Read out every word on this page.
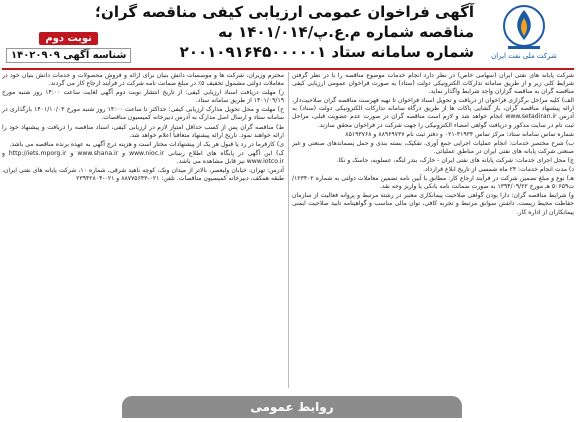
آگهی فراخوان عمومی ارزیابی کیفی مناقصه گران؛
مناقصه شماره م.ع.پ/۱۴۰۱/۰۱۴ به
شماره سامانه ستاد ۲۰۰۱۰۹۱۶۴۵۰۰۰۰۰۱	شرکت ملی نفت ایران
نوبت دوم
شناسه آگهی ۱۴۰۲۰۹۰۹

شرکت پایانه های نفتی ایران (سهامی خاص) در نظر دارد انجام خدمات موضوع مناقصه را با در نظر گرفتن شرایط کلی زیر و از طریق سامانه تدارکات الکترونیکی دولت (ستاد) به صورت فراخوان عمومی ارزیابی کیفی مناقصه گران به مناقصه گزاران واجد شرایط واگذار نماید.

الف) کلیه مراحل برگزاری فراخوان از دریافت و تحویل اسناد فراخوان تا تهیه فهرست مناقصه گران صلاحیت‌دار، ارائه پیشنهاد مناقصه گران، باز گشایی پاکات ها از طریق درگاه سامانه تدارکات الکترونیکی دولت (ستاد) به آدرس www.setadiran.ir انجام خواهد شد و لازم است مناقصه گران در صورت عدم عضویت قبلی، مراحل ثبت نام در سایت مذکور و دریافت گواهی امضاء الکترونیکی را جهت شرکت در فراخوان محقق سازند.

شماره تماس سامانه ستاد: مرکز تماس ۴۱۹۳۴-۰۲۱ و دفتر ثبت نام ۸۸۹۶۹۷۳۷ و ۸۵۱۹۳۷۶۸

ب) شرح مختصر خدمات: انجام عملیات اجرایی جمع آوری، تفکیک، بسته بندی و حمل پسماندهای صنعتی و غیر صنعتی شرکت پایانه های نفتی ایران در مناطق عملیاتی.

ج) محل اجرای خدمات: شرکت پایانه های نفتی ایران - خارک، بندر لنگه، عسلویه، جاسک و نکا.

د) مدت انجام خدمات: ۲۴ ماه شمسی از تاریخ ابلاغ قرارداد.

هـ) نوع و مبلغ تضمین شرکت در فرآیند ارجاع کار: مطابق با آیین نامه تضمین معاملات دولتی به شماره ۱۲۳۴۰۲/ت۵۰۶۵۹ هـ مورخ ۱۳۹۴/۰۹/۲۲ به صورت ضمانت نامه بانکی یا واریز وجه نقد.

و) شرایط مناقصه گران: دارا بودن گواهی صلاحیت پیمانکاری معتبر در رشته مرتبط و پروانه فعالیت از سازمان حفاظت محیط زیست، داشتن سوابق مرتبط و تجربه کافی، توان مالی مناسب و گواهینامه تایید صلاحیت ایمنی پیمانکاران از اداره کار.

محترم وزیران، شرکت ها و موسسات دانش بنیان برای ارائه و فروش محصولات و خدمات دانش بنیان خود در معاملات دولتی مشمول تخفیف ۵٪ در مبلغ ضمانت نامه شرکت در فرآیند ارجاع کار می گردند.

ز) مهلت دریافت اسناد ارزیابی کیفی: از تاریخ انتشار نوبت دوم آگهی لغایت ساعت ۱۴:۰۰ روز شنبه مورخ ۱۴۰۱/۰۹/۱۹ از طریق سامانه ستاد.

ح) مهلت و محل تحویل مدارک ارزیابی کیفی: حداکثر تا ساعت ۱۴:۰۰ روز شنبه مورخ ۱۴۰۱/۱۰/۰۳ بارگذاری در سامانه ستاد و ارسال اصل مدارک به آدرس دبیرخانه کمیسیون مناقصات.

ط) مناقصه گران پس از کسب حداقل امتیاز لازم در ارزیابی کیفی، اسناد مناقصه را دریافت و پیشنهاد خود را ارائه خواهند نمود. تاریخ ارائه پیشنهاد متعاقباً اعلام خواهد شد.

ی) کارفرما در رد یا قبول هر یک از پیشنهادات مختار است و هزینه درج آگهی به عهده برنده مناقصه می باشد.

ک) این آگهی در پایگاه های اطلاع رسانی www.nioc.ir و www.shana.ir و http://iets.mporg.ir و www.iotco.ir نیز قابل مشاهده می باشد.

آدرس: تهران، خیابان ولیعصر، بالاتر از میدان ونک، کوچه ناهید شرقی، شماره ۱۰، شرکت پایانه های نفتی ایران، طبقه همکف، دبیرخانه کمیسیون مناقصات. تلفن: ۰۲۱-۸۸۷۷۵۶۴۳ و ۰۲۱-۲۳۹۴۲۸۰۴

روابط عمومی
